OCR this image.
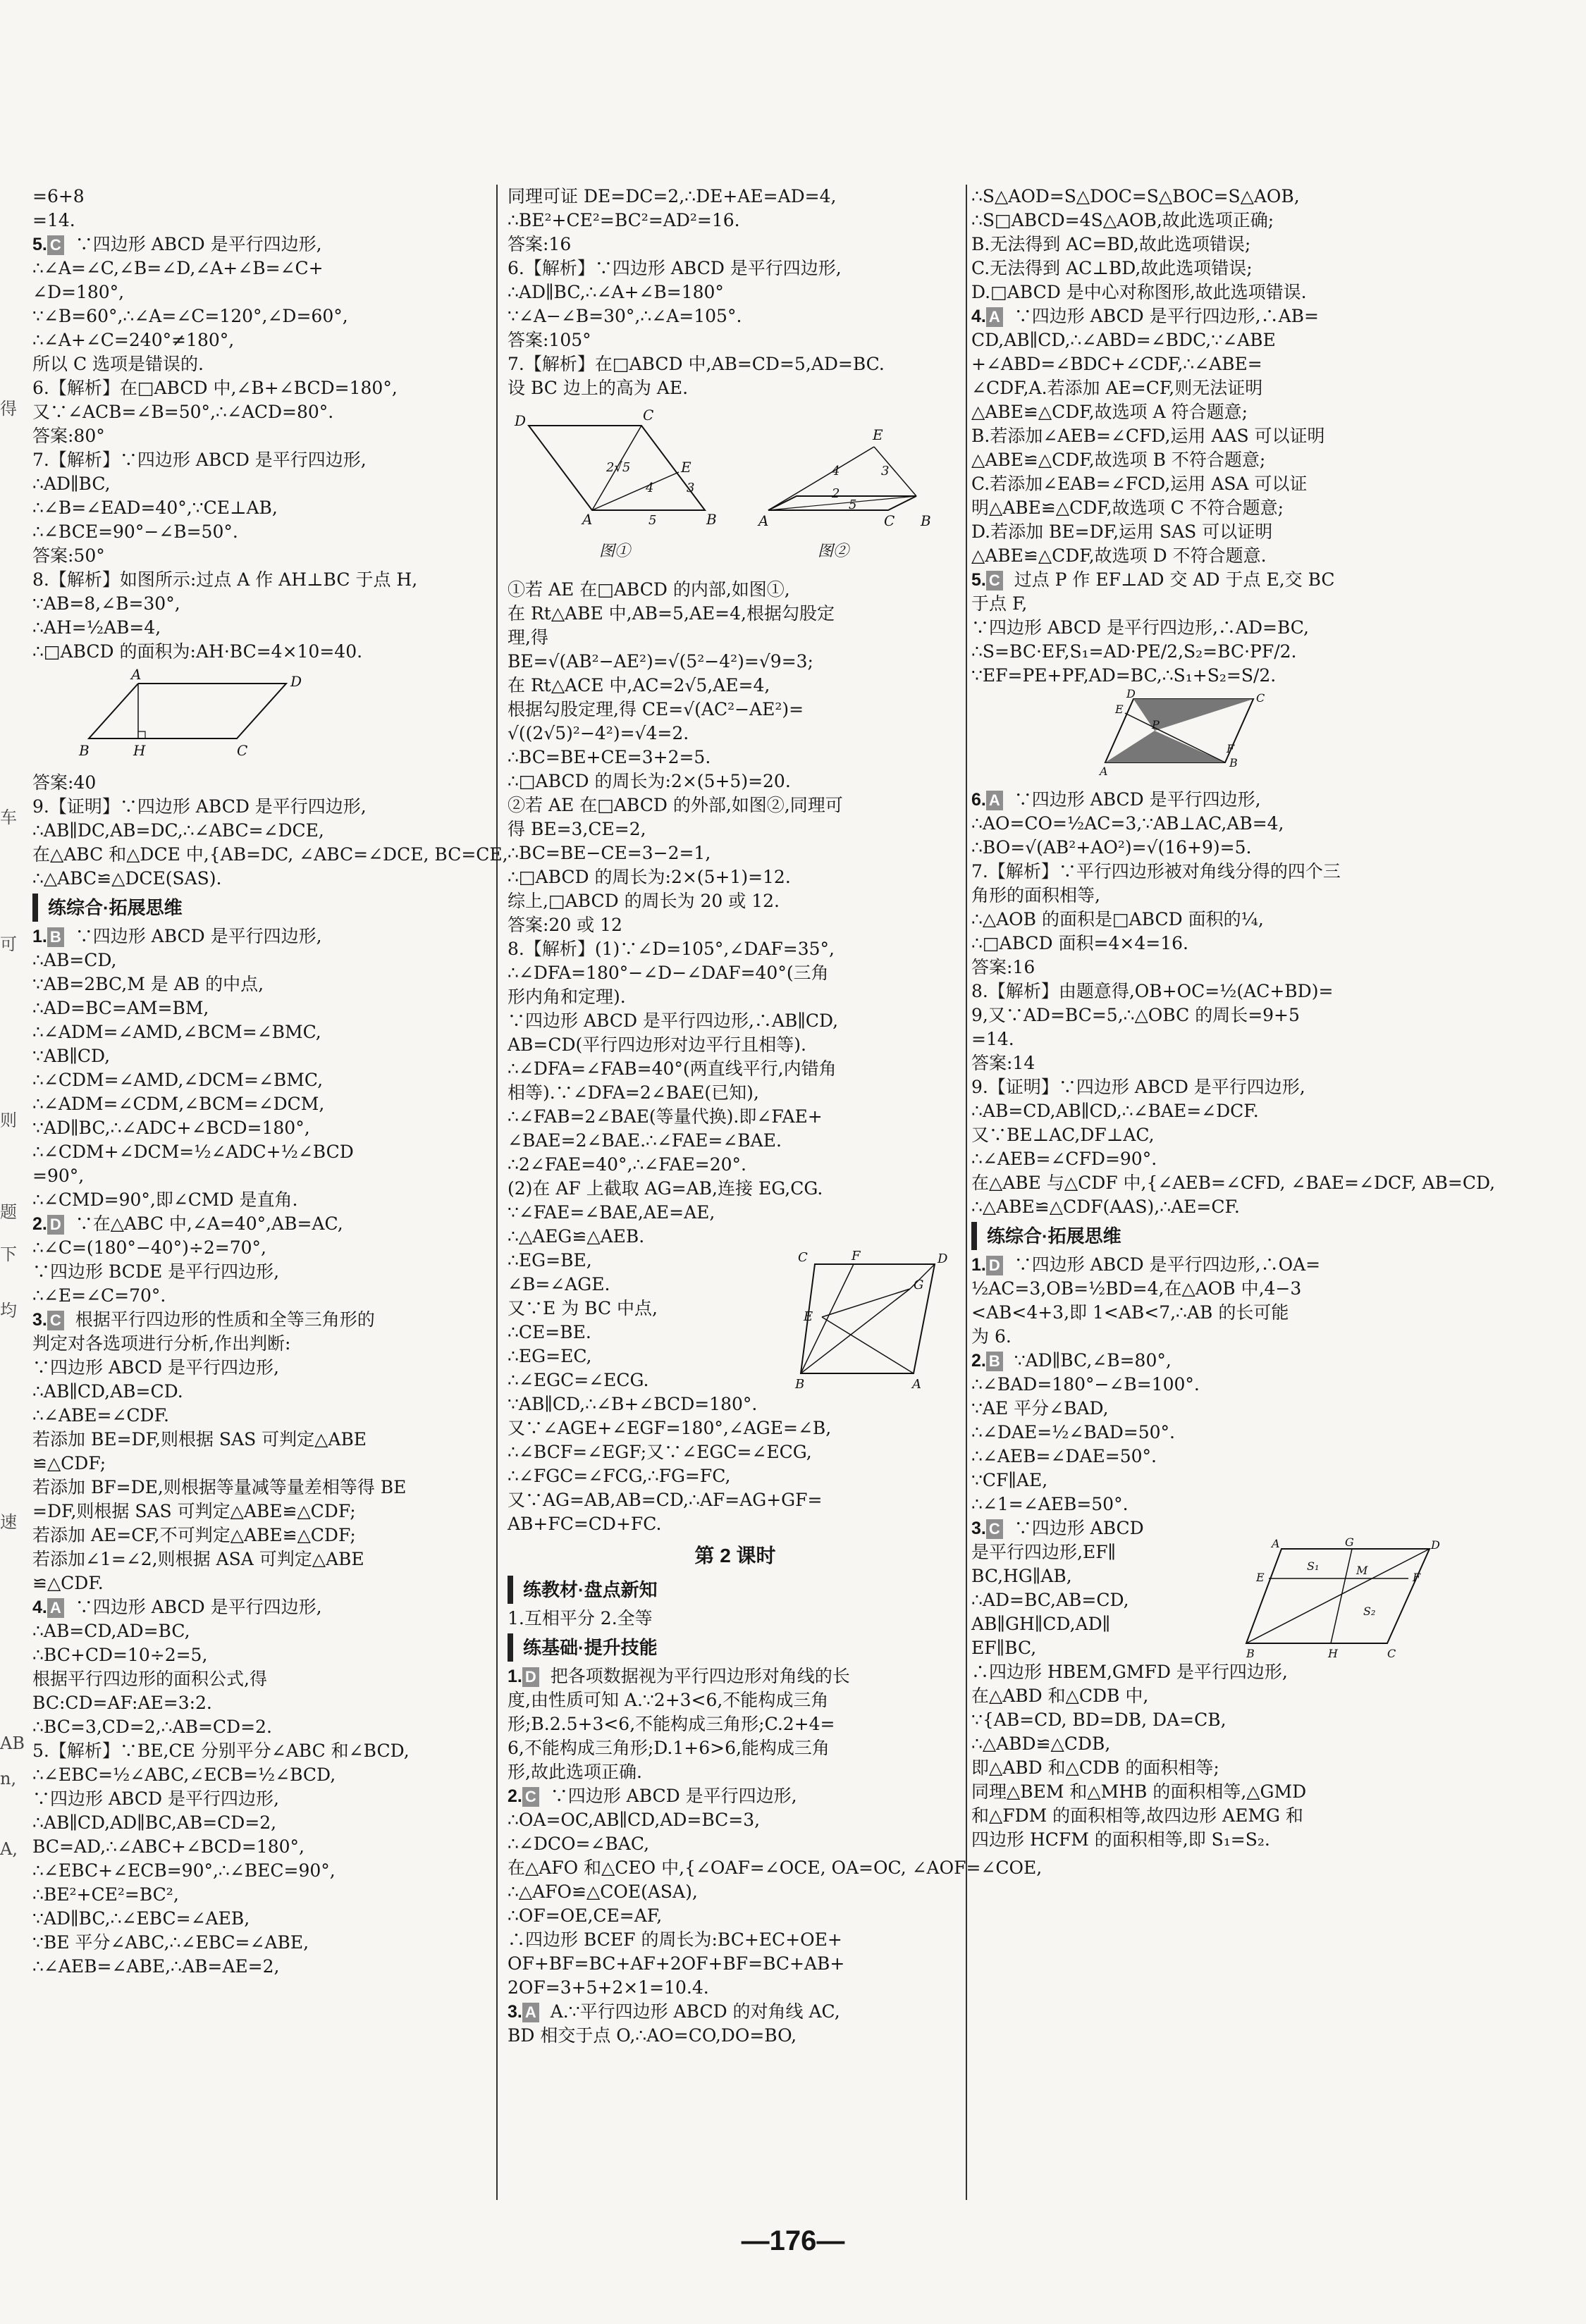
=6+8
=14.
5. C ∵四边形 ABCD 是平行四边形,
∴∠A=∠C,∠B=∠D,∠A+∠B=∠C+
∠D=180°,
∵∠B=60°,∴∠A=∠C=120°,∠D=60°,
∴∠A+∠C=240°≠180°,
所以 C 选项是错误的.
6.【解析】在□ABCD 中,∠B+∠BCD=180°,
又∵∠ACB=∠B=50°,∴∠ACD=80°.
答案:80°
7.【解析】∵四边形 ABCD 是平行四边形,
∴AD∥BC,
∴∠B=∠EAD=40°,∵CE⊥AB,
∴∠BCE=90°−∠B=50°.
答案:50°
8.【解析】如图所示:过点 A 作 AH⊥BC 于点 H,
∵AB=8,∠B=30°,
∴AH=½AB=4,
∴□ABCD 的面积为:AH·BC=4×10=40.
A	D
B	H	C
答案:40
9.【证明】∵四边形 ABCD 是平行四边形,
∴AB∥DC,AB=DC,∴∠ABC=∠DCE,
在△ABC 和△DCE 中,{AB=DC, ∠ABC=∠DCE, BC=CE,
∴△ABC≌△DCE(SAS).
练综合·拓展思维
1. B ∵四边形 ABCD 是平行四边形,
∴AB=CD,
∵AB=2BC,M 是 AB 的中点,
∴AD=BC=AM=BM,
∴∠ADM=∠AMD,∠BCM=∠BMC,
∵AB∥CD,
∴∠CDM=∠AMD,∠DCM=∠BMC,
∴∠ADM=∠CDM,∠BCM=∠DCM,
∵AD∥BC,∴∠ADC+∠BCD=180°,
∴∠CDM+∠DCM=½∠ADC+½∠BCD
=90°,
∴∠CMD=90°,即∠CMD 是直角.
2. D ∵在△ABC 中,∠A=40°,AB=AC,
∴∠C=(180°−40°)÷2=70°,
∵四边形 BCDE 是平行四边形,
∴∠E=∠C=70°.
3. C 根据平行四边形的性质和全等三角形的
判定对各选项进行分析,作出判断:
∵四边形 ABCD 是平行四边形,
∴AB∥CD,AB=CD.
∴∠ABE=∠CDF.
若添加 BE=DF,则根据 SAS 可判定△ABE
≌△CDF;
若添加 BF=DE,则根据等量减等量差相等得 BE
=DF,则根据 SAS 可判定△ABE≌△CDF;
若添加 AE=CF,不可判定△ABE≌△CDF;
若添加∠1=∠2,则根据 ASA 可判定△ABE
≌△CDF.
4. A ∵四边形 ABCD 是平行四边形,
∴AB=CD,AD=BC,
∴BC+CD=10÷2=5,
根据平行四边形的面积公式,得
BC:CD=AF:AE=3:2.
∴BC=3,CD=2,∴AB=CD=2.
5.【解析】∵BE,CE 分别平分∠ABC 和∠BCD,
∴∠EBC=½∠ABC,∠ECB=½∠BCD,
∵四边形 ABCD 是平行四边形,
∴AB∥CD,AD∥BC,AB=CD=2,
BC=AD,∴∠ABC+∠BCD=180°,
∴∠EBC+∠ECB=90°,∴∠BEC=90°,
∴BE²+CE²=BC²,
∵AD∥BC,∴∠EBC=∠AEB,
∵BE 平分∠ABC,∴∠EBC=∠ABE,
∴∠AEB=∠ABE,∴AB=AE=2,
同理可证 DE=DC=2,∴DE+AE=AD=4,
∴BE²+CE²=BC²=AD²=16.
答案:16
6.【解析】∵四边形 ABCD 是平行四边形,
∴AD∥BC,∴∠A+∠B=180°
∵∠A−∠B=30°,∴∠A=105°.
答案:105°
7.【解析】在□ABCD 中,AB=CD=5,AD=BC.
设 BC 边上的高为 AE.
D	C
E
2√5
3
4
A	5	B
E
4	3
2
5
A	C B
图①	图②
①若 AE 在□ABCD 的内部,如图①,
在 Rt△ABE 中,AB=5,AE=4,根据勾股定
理,得
BE=√(AB²−AE²)=√(5²−4²)=√9=3;
在 Rt△ACE 中,AC=2√5,AE=4,
根据勾股定理,得 CE=√(AC²−AE²)=
√((2√5)²−4²)=√4=2.
∴BC=BE+CE=3+2=5.
∴□ABCD 的周长为:2×(5+5)=20.
②若 AE 在□ABCD 的外部,如图②,同理可
得 BE=3,CE=2,
∴BC=BE−CE=3−2=1,
∴□ABCD 的周长为:2×(5+1)=12.
综上,□ABCD 的周长为 20 或 12.
答案:20 或 12
8.【解析】(1)∵∠D=105°,∠DAF=35°,
∴∠DFA=180°−∠D−∠DAF=40°(三角
形内角和定理).
∵四边形 ABCD 是平行四边形,∴AB∥CD,
AB=CD(平行四边形对边平行且相等).
∴∠DFA=∠FAB=40°(两直线平行,内错角
相等).∵∠DFA=2∠BAE(已知),
∴∠FAB=2∠BAE(等量代换).即∠FAE+
∠BAE=2∠BAE.∴∠FAE=∠BAE.
∴2∠FAE=40°,∴∠FAE=20°.
(2)在 AF 上截取 AG=AB,连接 EG,CG.
∵∠FAE=∠BAE,AE=AE,
∴△AEG≌△AEB.
C	F	D
G
E
A
B
∴EG=BE,
∠B=∠AGE.
又∵E 为 BC 中点,
∴CE=BE.
∴EG=EC,
∴∠EGC=∠ECG.
∵AB∥CD,∴∠B+∠BCD=180°.
又∵∠AGE+∠EGF=180°,∠AGE=∠B,
∴∠BCF=∠EGF;又∵∠EGC=∠ECG,
∴∠FGC=∠FCG,∴FG=FC,
又∵AG=AB,AB=CD,∴AF=AG+GF=
AB+FC=CD+FC.
第 2 课时
练教材·盘点新知
1.互相平分 2.全等
练基础·提升技能
1. D 把各项数据视为平行四边形对角线的长
度,由性质可知 A.∵2+3<6,不能构成三角
形;B.2.5+3<6,不能构成三角形;C.2+4=
6,不能构成三角形;D.1+6>6,能构成三角
形,故此选项正确.
2. C ∵四边形 ABCD 是平行四边形,
∴OA=OC,AB∥CD,AD=BC=3,
∴∠DCO=∠BAC,
在△AFO 和△CEO 中,{∠OAF=∠OCE, OA=OC, ∠AOF=∠COE,
∴△AFO≌△COE(ASA),
∴OF=OE,CE=AF,
∴四边形 BCEF 的周长为:BC+EC+OE+
OF+BF=BC+AF+2OF+BF=BC+AB+
2OF=3+5+2×1=10.4.
3. A A.∵平行四边形 ABCD 的对角线 AC,
BD 相交于点 O,∴AO=CO,DO=BO,
∴S△AOD=S△DOC=S△BOC=S△AOB,
∴S□ABCD=4S△AOB,故此选项正确;
B.无法得到 AC=BD,故此选项错误;
C.无法得到 AC⊥BD,故此选项错误;
D.□ABCD 是中心对称图形,故此选项错误.
4. A ∵四边形 ABCD 是平行四边形,∴AB=
CD,AB∥CD,∴∠ABD=∠BDC,∵∠ABE
+∠ABD=∠BDC+∠CDF,∴∠ABE=
∠CDF,A.若添加 AE=CF,则无法证明
△ABE≌△CDF,故选项 A 符合题意;
B.若添加∠AEB=∠CFD,运用 AAS 可以证明
△ABE≌△CDF,故选项 B 不符合题意;
C.若添加∠EAB=∠FCD,运用 ASA 可以证
明△ABE≌△CDF,故选项 C 不符合题意;
D.若添加 BE=DF,运用 SAS 可以证明
△ABE≌△CDF,故选项 D 不符合题意.
5. C 过点 P 作 EF⊥AD 交 AD 于点 E,交 BC
于点 F,
∵四边形 ABCD 是平行四边形,∴AD=BC,
∴S=BC·EF,S₁=AD·PE/2,S₂=BC·PF/2.
∵EF=PE+PF,AD=BC,∴S₁+S₂=S/2.
D	C
E
P
A
B
F
6. A ∵四边形 ABCD 是平行四边形,
∴AO=CO=½AC=3,∵AB⊥AC,AB=4,
∴BO=√(AB²+AO²)=√(16+9)=5.
7.【解析】∵平行四边形被对角线分得的四个三
角形的面积相等,
∴△AOB 的面积是□ABCD 面积的¼,
∴□ABCD 面积=4×4=16.
答案:16
8.【解析】由题意得,OB+OC=½(AC+BD)=
9,又∵AD=BC=5,∴△OBC 的周长=9+5
=14.
答案:14
9.【证明】∵四边形 ABCD 是平行四边形,
∴AB=CD,AB∥CD,∴∠BAE=∠DCF.
又∵BE⊥AC,DF⊥AC,
∴∠AEB=∠CFD=90°.
在△ABE 与△CDF 中,{∠AEB=∠CFD, ∠BAE=∠DCF, AB=CD,
∴△ABE≌△CDF(AAS),∴AE=CF.
练综合·拓展思维
1. D ∵四边形 ABCD 是平行四边形,∴OA=
½AC=3,OB=½BD=4,在△AOB 中,4−3
<AB<4+3,即 1<AB<7,∴AB 的长可能
为 6.
2. B ∵AD∥BC,∠B=80°,
∴∠BAD=180°−∠B=100°.
∵AE 平分∠BAD,
∴∠DAE=½∠BAD=50°.
∴∠AEB=∠DAE=50°.
∵CF∥AE,
∴∠1=∠AEB=50°.
3. C ∵四边形 ABCD
A	G	D
E
S₁	M
F
S₂
B	H	C
是平行四边形,EF∥
BC,HG∥AB,
∴AD=BC,AB=CD,
AB∥GH∥CD,AD∥
EF∥BC,
∴四边形 HBEM,GMFD 是平行四边形,
在△ABD 和△CDB 中,
∵{AB=CD, BD=DB, DA=CB,
∴△ABD≌△CDB,
即△ABD 和△CDB 的面积相等;
同理△BEM 和△MHB 的面积相等,△GMD
和△FDM 的面积相等,故四边形 AEMG 和
四边形 HCFM 的面积相等,即 S₁=S₂.
得
车
可
则
题
下
均
速
AB
n,
A,
—176—
